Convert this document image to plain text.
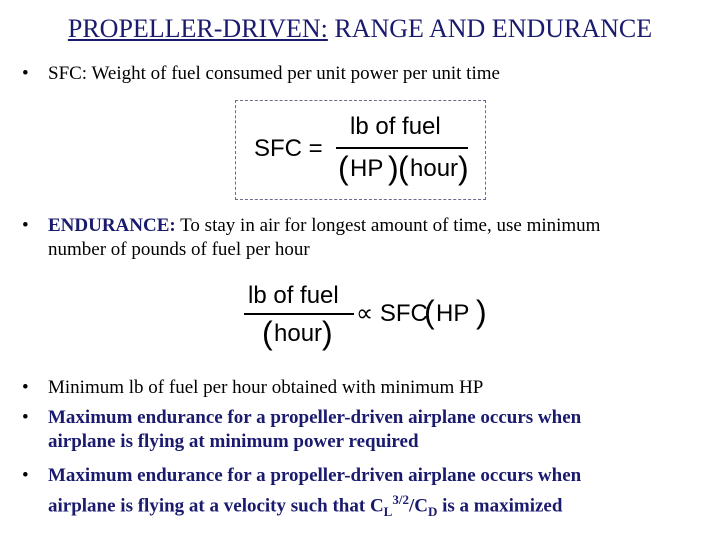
PROPELLER-DRIVEN: RANGE AND ENDURANCE
•	SFC: Weight of fuel consumed per unit power per unit time
SFC =
lb of fuel
( HP ) ( hour )
•	ENDURANCE: To stay in air for longest amount of time, use minimum
number of pounds of fuel per hour
lb of fuel
( hour )
∝ SFC
( HP )
•	Minimum lb of fuel per hour obtained with minimum HP
•	Maximum endurance for a propeller-driven airplane occurs when
airplane is flying at minimum power required
•	Maximum endurance for a propeller-driven airplane occurs when
airplane is flying at a velocity such that $C_L^{3/2}/C_D$ is a maximized
